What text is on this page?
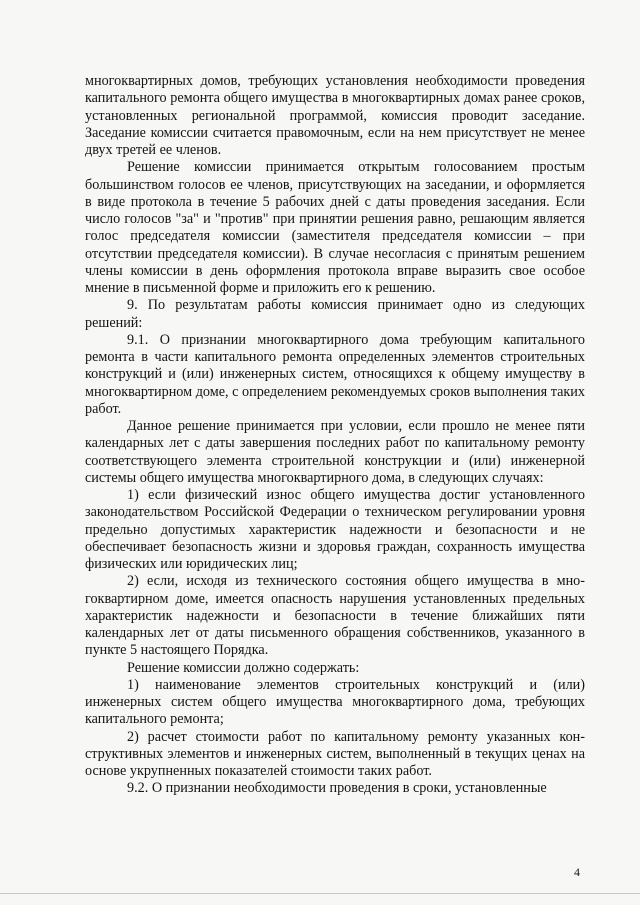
многоквартирных домов, требующих установления необходимости проведения капитального ремонта общего имущества в многоквартирных домах ранее сроков, установленных региональной программой, комиссия проводит заседание. Заседание комиссии считается правомочным, если на нем присутствует не менее двух третей ее членов.

Решение комиссии принимается открытым голосованием простым большинством голосов ее членов, присутствующих на заседании, и оформляется в виде протокола в течение 5 рабочих дней с даты проведения заседания. Если число голосов "за" и "против" при принятии решения равно, решающим является голос председателя комиссии (заместителя председателя комиссии – при отсутствии председателя комиссии). В случае несогласия с принятым решением члены комиссии в день оформления протокола вправе выразить свое особое мнение в письменной форме и приложить его к решению.

9. По результатам работы комиссия принимает одно из следующих решений:

9.1. О признании многоквартирного дома требующим капитального ремонта в части капитального ремонта определенных элементов строительных конструкций и (или) инженерных систем, относящихся к общему имуществу в многоквартирном доме, с определением рекомендуемых сроков выполнения таких работ.

Данное решение принимается при условии, если прошло не менее пяти календарных лет с даты завершения последних работ по капитальному ремонту соответствующего элемента строительной конструкции и (или) инженерной системы общего имущества многоквартирного дома, в следующих случаях:

1) если физический износ общего имущества достиг установленного законодательством Российской Федерации о техническом регулировании уровня предельно допустимых характеристик надежности и безопасности и не обеспечивает безопасность жизни и здоровья граждан, сохранность имущества физических или юридических лиц;

2) если, исходя из технического состояния общего имущества в многоквартирном доме, имеется опасность нарушения установленных предельных характеристик надежности и безопасности в течение ближайших пяти календарных лет от даты письменного обращения собственников, указанного в пункте 5 настоящего Порядка.

Решение комиссии должно содержать:

1) наименование элементов строительных конструкций и (или) инженерных систем общего имущества многоквартирного дома, требующих капитального ремонта;

2) расчет стоимости работ по капитальному ремонту указанных конструктивных элементов и инженерных систем, выполненный в текущих ценах на основе укрупненных показателей стоимости таких работ.

9.2. О признании необходимости проведения в сроки, установленные

4
